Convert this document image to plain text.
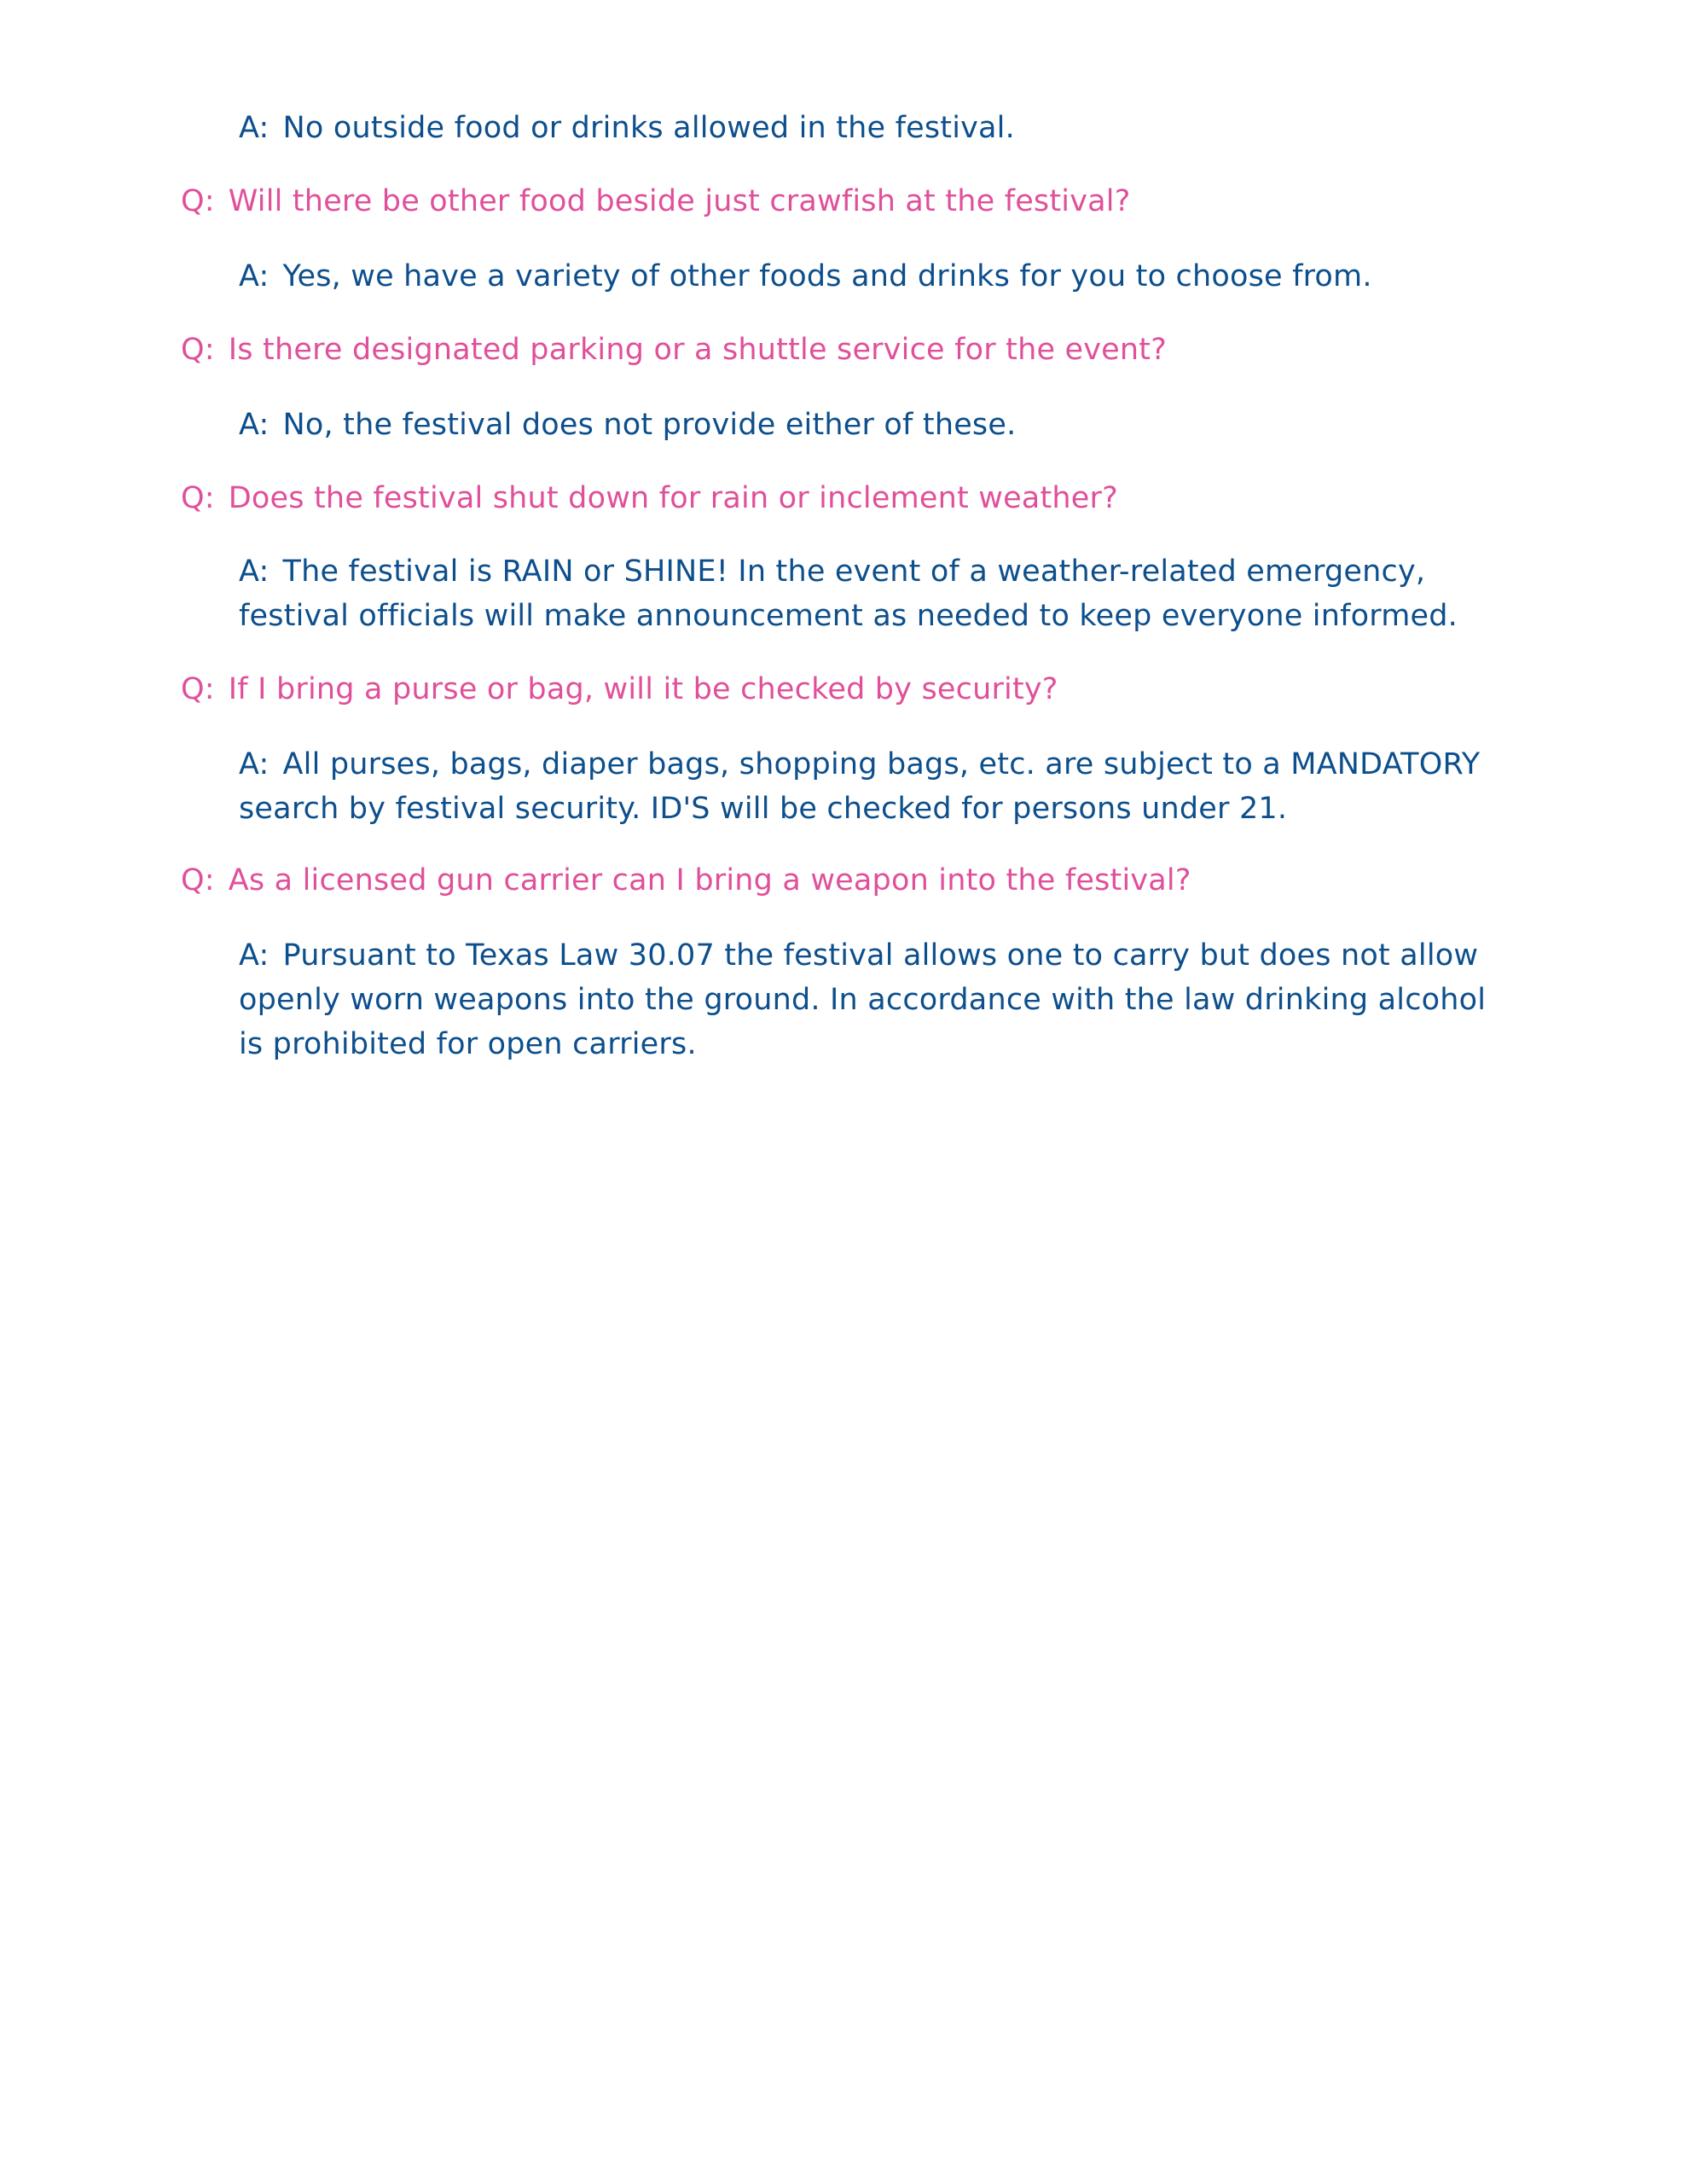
A: No outside food or drinks allowed in the festival.
Q: Will there be other food beside just crawfish at the festival?
A: Yes, we have a variety of other foods and drinks for you to choose from.
Q: Is there designated parking or a shuttle service for the event?
A: No, the festival does not provide either of these.
Q: Does the festival shut down for rain or inclement weather?
A: The festival is RAIN or SHINE! In the event of a weather-related emergency, festival officials will make announcement as needed to keep everyone informed.
Q: If I bring a purse or bag, will it be checked by security?
A: All purses, bags, diaper bags, shopping bags, etc. are subject to a MANDATORY search by festival security. ID'S will be checked for persons under 21.
Q: As a licensed gun carrier can I bring a weapon into the festival?
A: Pursuant to Texas Law 30.07 the festival allows one to carry but does not allow openly worn weapons into the ground. In accordance with the law drinking alcohol is prohibited for open carriers.
